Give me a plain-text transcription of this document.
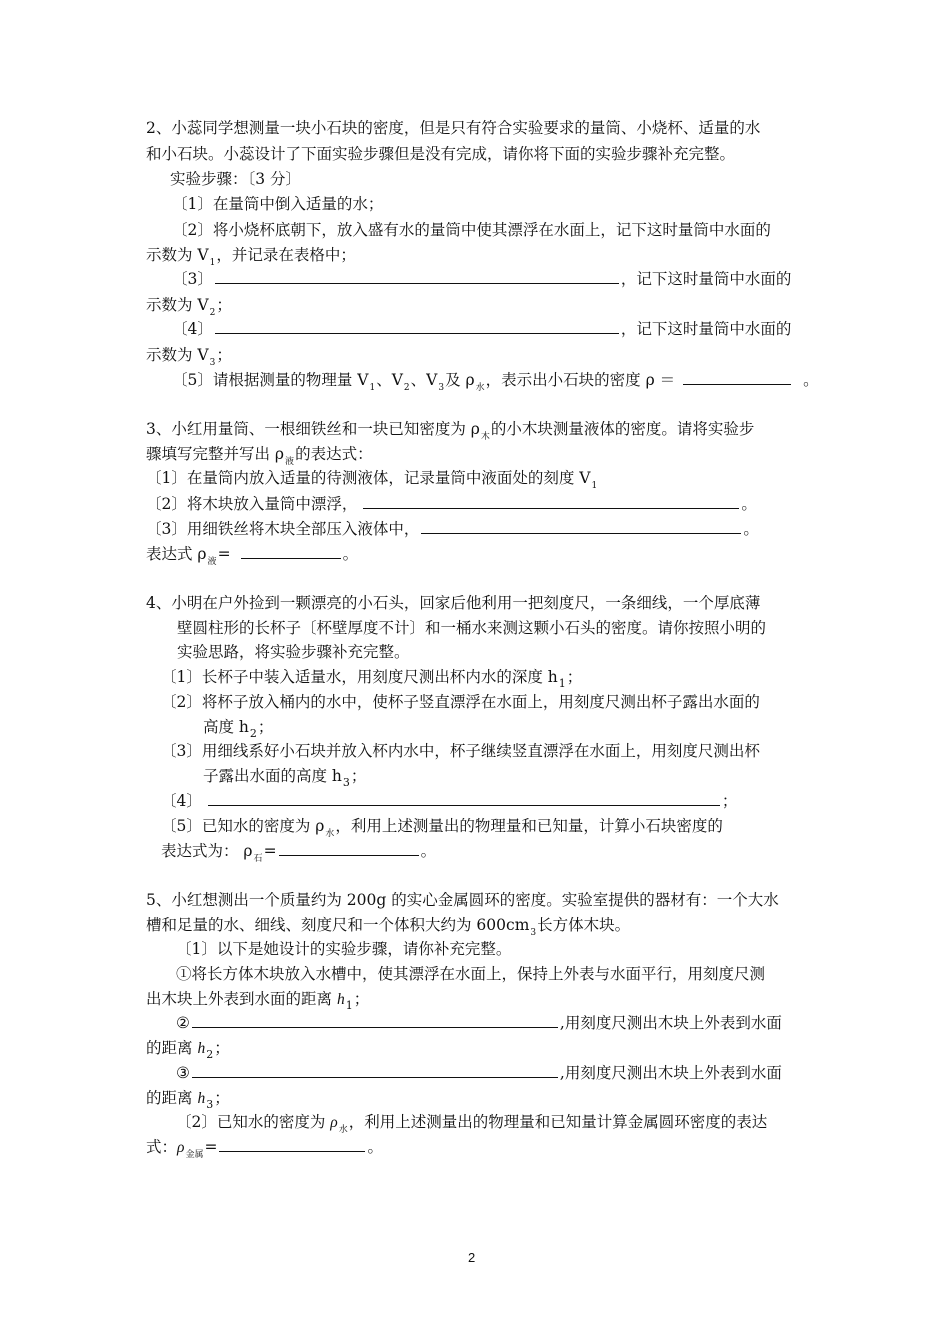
2、小蕊同学想测量一块小石块的密度，但是只有符合实验要求的量筒、小烧杯、适量的水
和小石块。小蕊设计了下面实验步骤但是没有完成，请你将下面的实验步骤补充完整。
实验步骤：〔3 分〕
〔1〕在量筒中倒入适量的水；
〔2〕将小烧杯底朝下，放入盛有水的量筒中使其漂浮在水面上，记下这时量筒中水面的
示数为 $V_1$，并记录在表格中；
〔3〕	，记下这时量筒中水面的
示数为 $V_2$；
〔4〕	，记下这时量筒中水面的
示数为 $V_3$；
〔5〕请根据测量的物理量 $V_1$、$V_2$、$V_3$及 $\rho_水$，表示出小石块的密度 ρ ＝	。
3、小红用量筒、一根细铁丝和一块已知密度为 $\rho_木$的小木块测量液体的密度。请将实验步
骤填写完整并写出 $\rho_液$的表达式：
〔1〕在量筒内放入适量的待测液体，记录量筒中液面处的刻度 $V_1$
〔2〕将木块放入量筒中漂浮，	。
〔3〕用细铁丝将木块全部压入液体中，	。
表达式 $\rho_液=$	。
4、小明在户外捡到一颗漂亮的小石头，回家后他利用一把刻度尺，一条细线，一个厚底薄
壁圆柱形的长杯子〔杯壁厚度不计〕和一桶水来测这颗小石头的密度。请你按照小明的
实验思路，将实验步骤补充完整。
〔1〕长杯子中装入适量水，用刻度尺测出杯内水的深度 $h_1$；
〔2〕将杯子放入桶内的水中，使杯子竖直漂浮在水面上，用刻度尺测出杯子露出水面的
高度 $h_2$；
〔3〕用细线系好小石块并放入杯内水中，杯子继续竖直漂浮在水面上，用刻度尺测出杯
子露出水面的高度 $h_3$；
〔4〕	；
〔5〕已知水的密度为 $\rho_水$，利用上述测量出的物理量和已知量，计算小石块密度的
表达式为： $\rho_石=$	。
5、小红想测出一个质量约为 200g 的实心金属圆环的密度。实验室提供的器材有：一个大水
槽和足量的水、细线、刻度尺和一个体积大约为 $600cm_3$长方体木块。
〔1〕以下是她设计的实验步骤，请你补充完整。
①将长方体木块放入水槽中，使其漂浮在水面上，保持上外表与水面平行，用刻度尺测
出木块上外表到水面的距离 $h_1$；
②	,用刻度尺测出木块上外表到水面
的距离 $h_2$；
③	,用刻度尺测出木块上外表到水面
的距离 $h_3$；
〔2〕已知水的密度为 $\rho_水$，利用上述测量出的物理量和已知量计算金属圆环密度的表达
式：$\rho_{金属}=$	。
2
